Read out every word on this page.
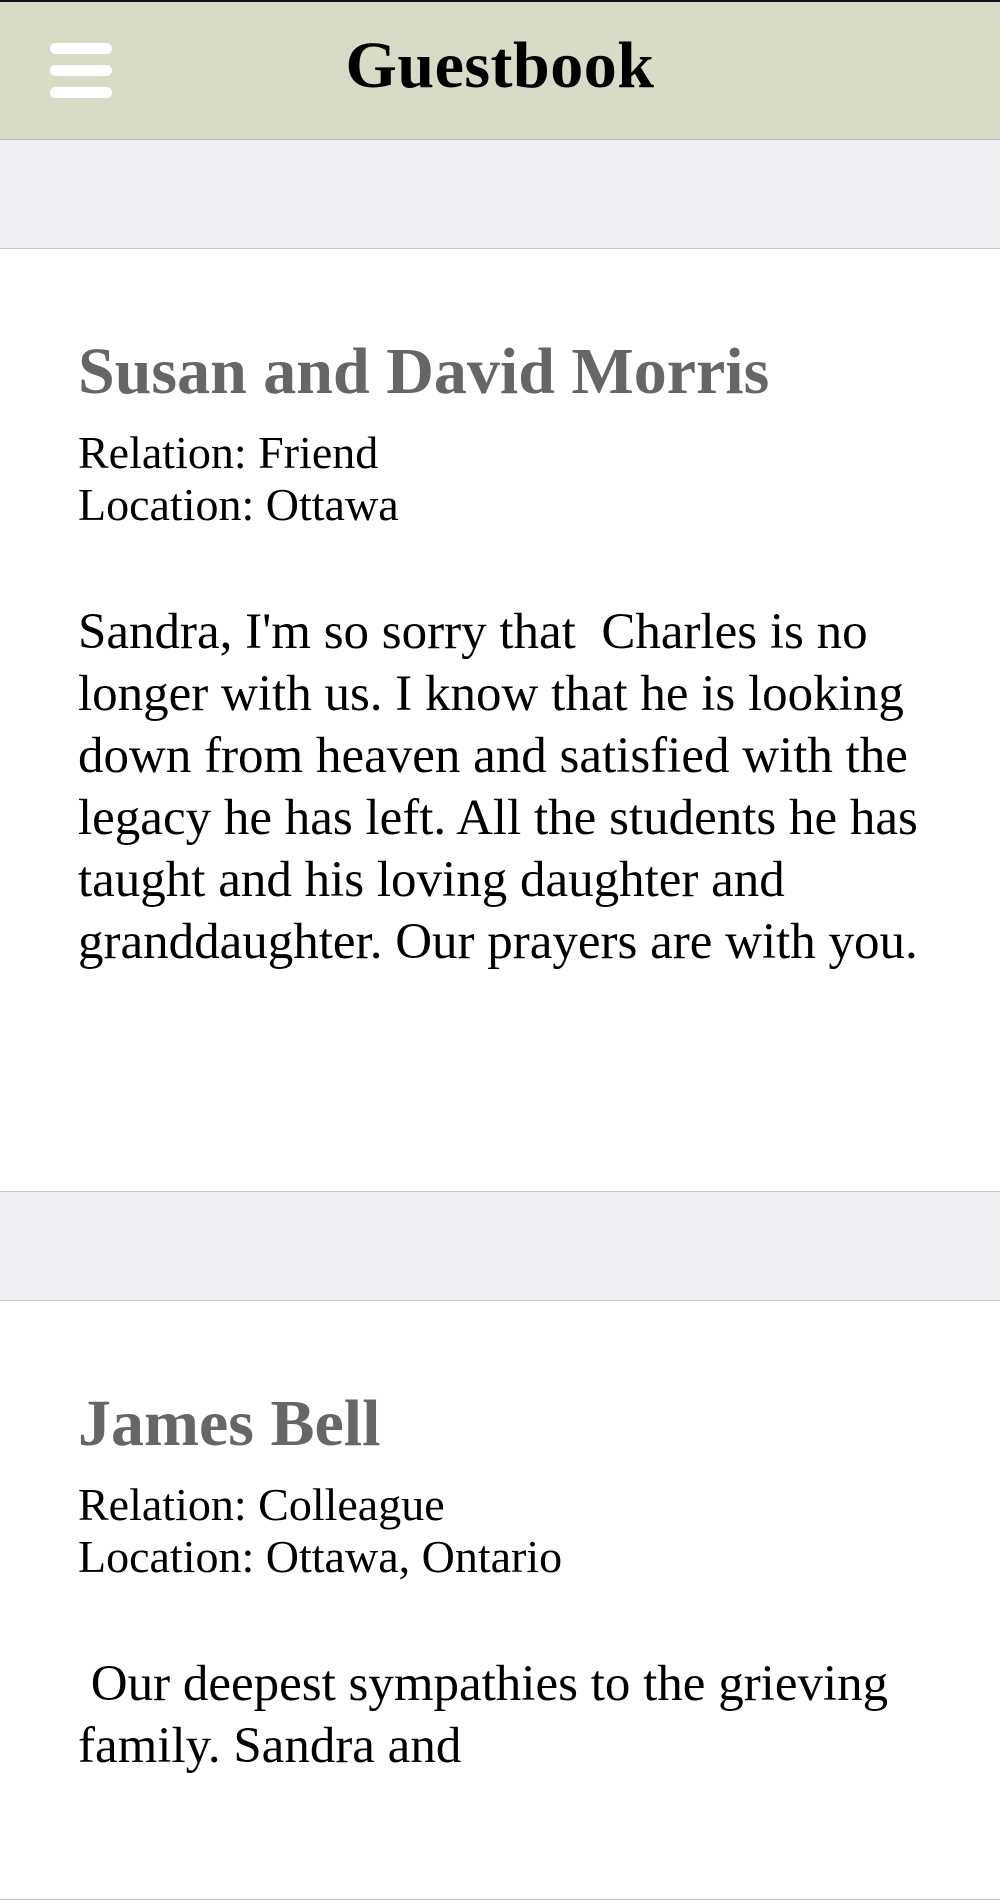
Guestbook
Susan and David Morris
Relation: Friend
Location: Ottawa
Sandra, I'm so sorry that  Charles is no longer with us. I know that he is looking down from heaven and satisfied with the legacy he has left. All the students he has taught and his loving daughter and granddaughter. Our prayers are with you.
James Bell
Relation: Colleague
Location: Ottawa, Ontario
Our deepest sympathies to the grieving family. Sandra and
